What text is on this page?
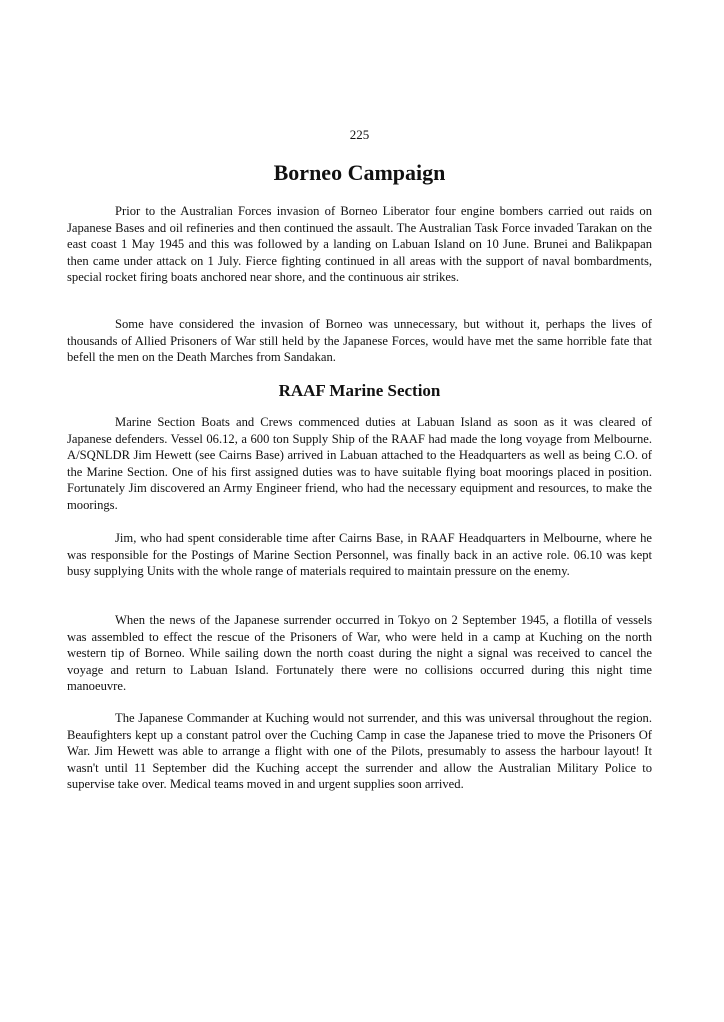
225
Borneo Campaign

Prior to the Australian Forces invasion of Borneo Liberator four engine bombers carried out raids on Japanese Bases and oil refineries and then continued the assault. The Australian Task Force invaded Tarakan on the east coast 1 May 1945 and this was followed by a landing on Labuan Island on 10 June. Brunei and Balikpapan then came under attack on 1 July. Fierce fighting continued in all areas with the support of naval bombardments, special rocket firing boats anchored near shore, and the continuous air strikes.

Some have considered the invasion of Borneo was unnecessary, but without it, perhaps the lives of thousands of Allied Prisoners of War still held by the Japanese Forces, would have met the same horrible fate that befell the men on the Death Marches from Sandakan.

RAAF Marine Section

Marine Section Boats and Crews commenced duties at Labuan Island as soon as it was cleared of Japanese defenders. Vessel 06.12, a 600 ton Supply Ship of the RAAF had made the long voyage from Melbourne. A/SQNLDR Jim Hewett (see Cairns Base) arrived in Labuan attached to the Headquarters as well as being C.O. of the Marine Section. One of his first assigned duties was to have suitable flying boat moorings placed in position. Fortunately Jim discovered an Army Engineer friend, who had the necessary equipment and resources, to make the moorings.

Jim, who had spent considerable time after Cairns Base, in RAAF Headquarters in Melbourne, where he was responsible for the Postings of Marine Section Personnel, was finally back in an active role. 06.10 was kept busy supplying Units with the whole range of materials required to maintain pressure on the enemy.

When the news of the Japanese surrender occurred in Tokyo on 2 September 1945, a flotilla of vessels was assembled to effect the rescue of the Prisoners of War, who were held in a camp at Kuching on the north western tip of Borneo. While sailing down the north coast during the night a signal was received to cancel the voyage and return to Labuan Island. Fortunately there were no collisions occurred during this night time manoeuvre.

The Japanese Commander at Kuching would not surrender, and this was universal throughout the region. Beaufighters kept up a constant patrol over the Cuching Camp in case the Japanese tried to move the Prisoners Of War. Jim Hewett was able to arrange a flight with one of the Pilots, presumably to assess the harbour layout! It wasn't until 11 September did the Kuching accept the surrender and allow the Australian Military Police to supervise take over. Medical teams moved in and urgent supplies soon arrived.
